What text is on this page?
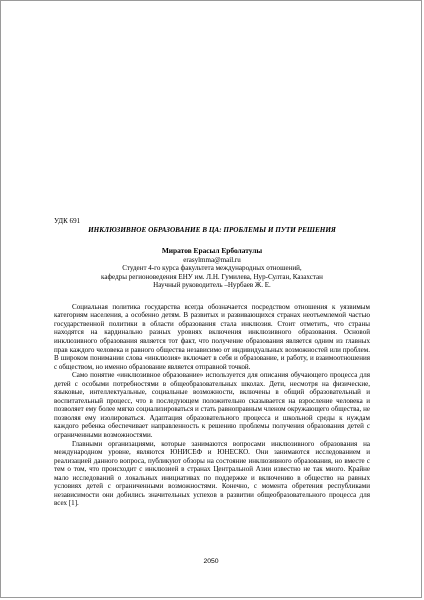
УДК 691

ИНКЛЮЗИВНОЕ ОБРАЗОВАНИЕ В ЦА: ПРОБЛЕМЫ И ПУТИ РЕШЕНИЯ

Миратов Ерасыл Ерболатулы
erasylmma@mail.ru
Студент 4-го курса факультета международных отношений,
кафедры регионоведения ЕНУ им. Л.Н. Гумилева, Нур-Султан, Казахстан
Научный руководитель –Нурбаев Ж. Е.

Социальная политика государства всегда обозначается посредством отношения к уязвимым категориям населения, а особенно детям. В развитых и развивающихся странах неотъемлемой частью государственной политики в области образования стала инклюзия. Стоит отметить, что страны находятся на кардинально разных уровнях включения инклюзивного образования. Основой инклюзивного образования является тот факт, что получение образования является одним из главных прав каждого человека и равного общества независимо от индивидуальных возможностей или проблем. В широком понимании слова «инклюзия» включает в себя и образование, и работу, и взаимоотношения с обществом, но именно образование является отправной точкой.

Само понятие «инклюзивное образование» используется для описания обучающего процесса для детей с особыми потребностями в общеобразовательных школах. Дети, несмотря на физические, языковые, интеллектуальные, социальные возможности, включены в общий образовательный и воспитательный процесс, что в последующем положительно сказывается на взросление человека и позволяет ему более мягко социализироваться и стать равноправным членом окружающего общества, не позволяя ему изолироваться. Адаптация образовательного процесса и школьной среды к нуждам каждого ребенка обеспечивает направленность к решению проблемы получения образования детей с ограниченными возможностями.

Главными организациями, которые занимаются вопросами инклюзивного образования на международном уровне, являются ЮНИСЕФ и ЮНЕСКО. Они занимаются исследованием и реализацией данного вопроса, публикуют обзоры на состояние инклюзивного образования, но вместе с тем о том, что происходит с инклюзией в странах Центральной Азии известно не так много. Крайне мало исследований о локальных инициативах по поддержке и включению в общество на равных условиях детей с ограниченными возможностями. Конечно, с момента обретения республиками независимости они добились значительных успехов в развитии общеобразовательного процесса для всех [1].

2050
